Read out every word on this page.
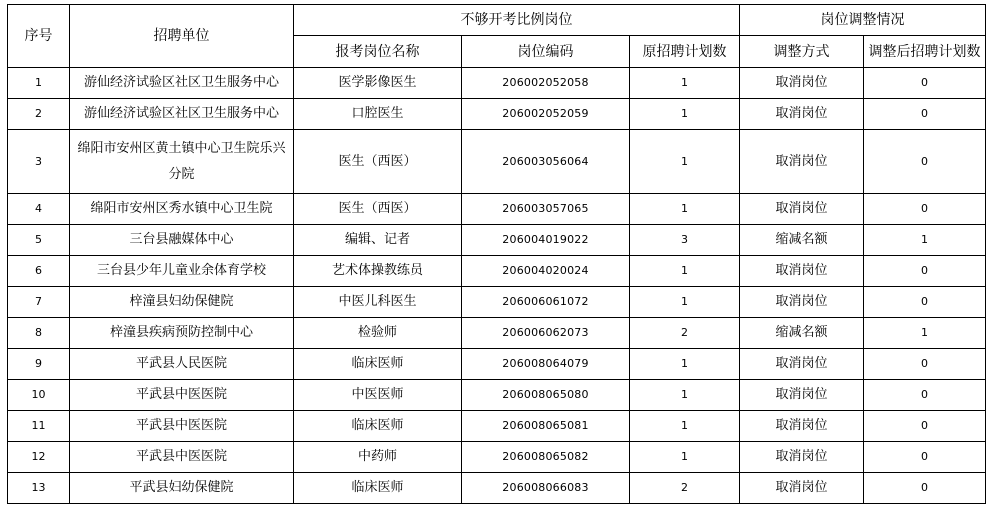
序号	招聘单位	不够开考比例岗位			岗位调整情况	
		报考岗位名称	岗位编码	原招聘计划数	调整方式	调整后招聘计划数
1	游仙经济试验区社区卫生服务中心	医学影像医生	206002052058	1	取消岗位	0
2	游仙经济试验区社区卫生服务中心	口腔医生	206002052059	1	取消岗位	0
3	绵阳市安州区黄土镇中心卫生院乐兴分院	医生（西医）	206003056064	1	取消岗位	0
4	绵阳市安州区秀水镇中心卫生院	医生（西医）	206003057065	1	取消岗位	0
5	三台县融媒体中心	编辑、记者	206004019022	3	缩减名额	1
6	三台县少年儿童业余体育学校	艺术体操教练员	206004020024	1	取消岗位	0
7	梓潼县妇幼保健院	中医儿科医生	206006061072	1	取消岗位	0
8	梓潼县疾病预防控制中心	检验师	206006062073	2	缩减名额	1
9	平武县人民医院	临床医师	206008064079	1	取消岗位	0
10	平武县中医医院	中医医师	206008065080	1	取消岗位	0
11	平武县中医医院	临床医师	206008065081	1	取消岗位	0
12	平武县中医医院	中药师	206008065082	1	取消岗位	0
13	平武县妇幼保健院	临床医师	206008066083	2	取消岗位	0
